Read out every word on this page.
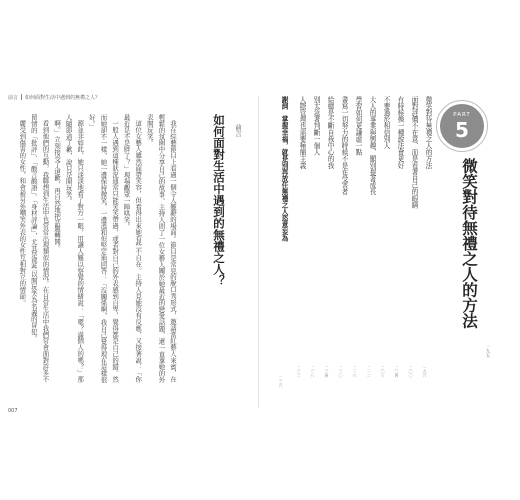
前言 如何面對生活中遇到的無禮之人？

我在綜藝節目上看過一個令人難辭的場面。節目是常見的脫口秀形式，邀請當紅藝人來賓，在輕鬆的氛圍中分享自己的故事。主持人問了一位女藝人關於她最近的戀愛話題，還一直拿她的外表開玩笑。

這位女藝人雖然面帶笑容，但看得出來她有些不自在。主持人見她沒有反應，又接著說：「你最近是不是胖了？」現場觀眾一陣哄笑。

一般人遇到這種狀況通常只能笑笑帶過，或者對自己的外表感到自卑，覺得都是自己的錯。然而她卻不一樣，她一邊保持微笑，一邊溫和但堅定地回答：「沒關係啊，我自己覺得現在這樣很好。」

源並非如此，她只淡淡地看了對方一眼，用讓人難以察覺的情緒說：「嗯？滿個人的嗎？」那人隨即道了歉，說只是開玩笑。

啊。」立刻接受了道歉，再自然地把話題轉開。

看到他們的互動，我聯想到生活中也常常出現類似的情況。在日常生活中我們常會面對許多不留情的「批評」、「酸言酸語」、「身材評論」，尤其是那些以開玩笑為名義的冒犯。

麗受到傷害的女性，和會被另外嘲笑外表的女性互相對立的情節。	如何面對生活中遇到的無禮之人？	前言
007
PART
5
微笑對待無禮之人的方法
一九五
微笑對待無禮之人的方法
一九六
面對評價不在意、而是看著自己的眼睛
二〇〇
有時候換一種說法會更好
二〇四
不要過於相信別人
二〇八
大人的事業與興趣，顯別提著成長
二一二
學習如何更謙虛一點
二一六
書寫一切努力的時候不是在受害者
二二〇
給總是不斷自我中心的我
二二四
別太急著判斷一個人
二二八
人際管理也需要極簡主義
二三二
謝詞　掌握幸福，就是別再放任無禮之人恣意妄為
二三六
